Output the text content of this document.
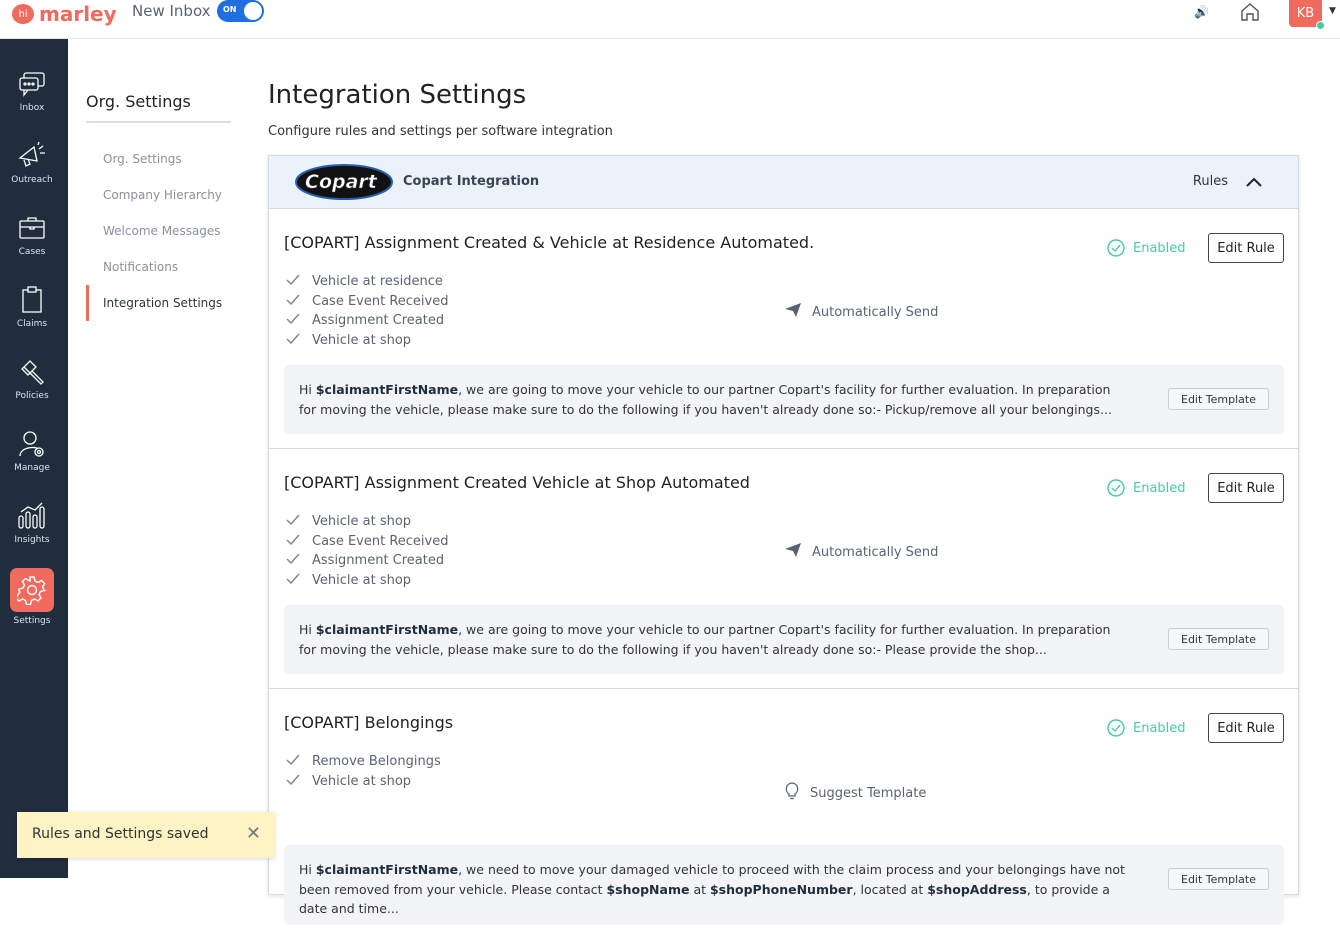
hi marley New Inbox ON	🔊	KB ▼
Inbox
Outreach
Cases
Claims
Policies
Manage
Insights
Settings
Org. Settings
Org. Settings
Company Hierarchy
Welcome Messages
Notifications
Integration Settings
Integration Settings
Configure rules and settings per software integration
Copart Copart Integration	Rules
[COPART] Assignment Created & Vehicle at Residence Automated.	Enabled	Edit Rule
Vehicle at residence
Case Event Received
Assignment Created
Vehicle at shop
Automatically Send

Hi $claimantFirstName, we are going to move your vehicle to our partner Copart's facility for further evaluation. In preparation for moving the vehicle, please make sure to do the following if you haven't already done so:- Pickup/remove all your belongings...

Edit Template
[COPART] Assignment Created Vehicle at Shop Automated	Enabled	Edit Rule
Vehicle at shop
Case Event Received
Assignment Created
Vehicle at shop
Automatically Send

Hi $claimantFirstName, we are going to move your vehicle to our partner Copart's facility for further evaluation. In preparation for moving the vehicle, please make sure to do the following if you haven't already done so:- Please provide the shop...

Edit Template
[COPART] Belongings	Enabled	Edit Rule
Remove Belongings
Vehicle at shop
Suggest Template

Hi $claimantFirstName, we need to move your damaged vehicle to proceed with the claim process and your belongings have not been removed from your vehicle. Please contact $shopName at $shopPhoneNumber, located at $shopAddress, to provide a date and time...

Edit Template
Rules and Settings saved ✕
